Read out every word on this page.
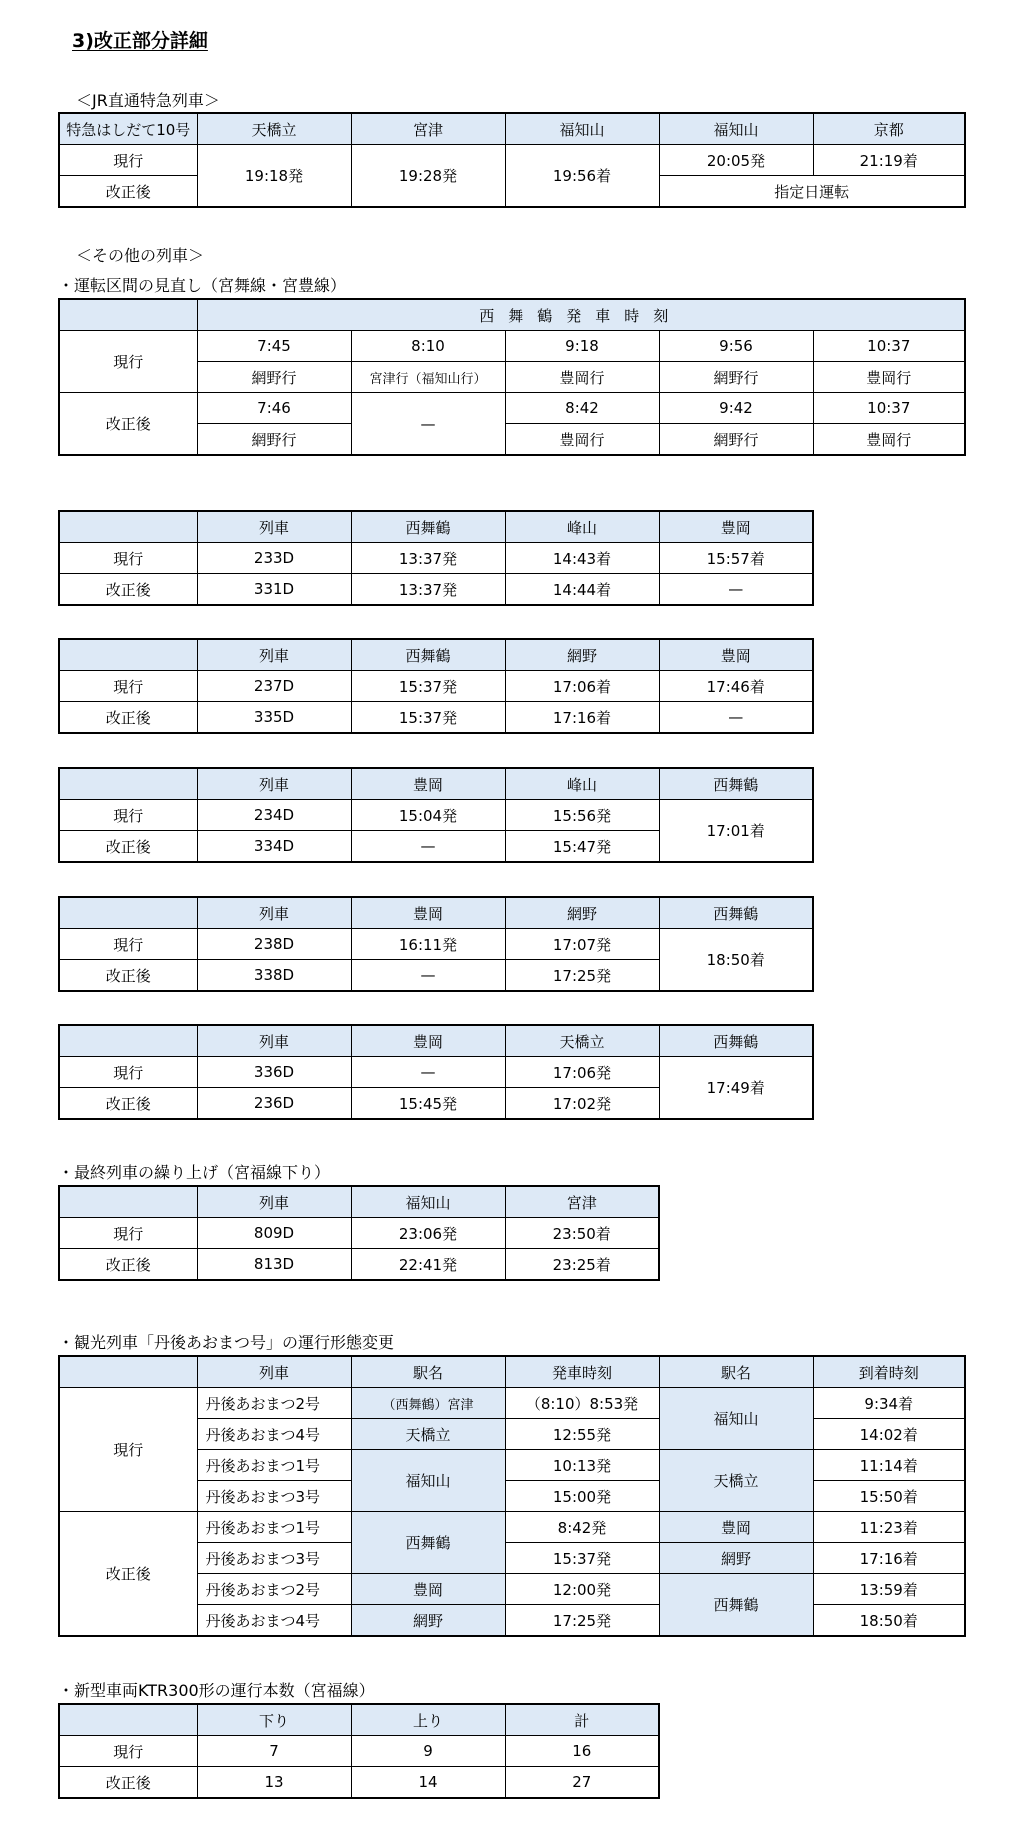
3)改正部分詳細
＜JR直通特急列車＞
特急はしだて10号	天橋立	宮津	福知山	福知山	京都
現行	19:18発	19:28発	19:56着	20:05発	21:19着
改正後				指定日運転	
＜その他の列車＞
・運転区間の見直し（宮舞線・宮豊線）
	西舞鶴発車時刻				
現行	7:45	8:10	9:18	9:56	10:37
	網野行	宮津行（福知山行）	豊岡行	網野行	豊岡行
改正後	7:46	—	8:42	9:42	10:37
	網野行		豊岡行	網野行	豊岡行
	列車	西舞鶴	峰山	豊岡
現行	233D	13:37発	14:43着	15:57着
改正後	331D	13:37発	14:44着	—
	列車	西舞鶴	網野	豊岡
現行	237D	15:37発	17:06着	17:46着
改正後	335D	15:37発	17:16着	—
	列車	豊岡	峰山	西舞鶴
現行	234D	15:04発	15:56発	17:01着
改正後	334D	—	15:47発	
	列車	豊岡	網野	西舞鶴
現行	238D	16:11発	17:07発	18:50着
改正後	338D	—	17:25発	
	列車	豊岡	天橋立	西舞鶴
現行	336D	—	17:06発	17:49着
改正後	236D	15:45発	17:02発	
・最終列車の繰り上げ（宮福線下り）
	列車	福知山	宮津
現行	809D	23:06発	23:50着
改正後	813D	22:41発	23:25着
・観光列車「丹後あおまつ号」の運行形態変更
	列車	駅名	発車時刻	駅名	到着時刻
現行	丹後あおまつ2号	（西舞鶴）宮津	（8:10）8:53発	福知山	9:34着
	丹後あおまつ4号	天橋立	12:55発		14:02着
	丹後あおまつ1号	福知山	10:13発	天橋立	11:14着
	丹後あおまつ3号		15:00発		15:50着
改正後	丹後あおまつ1号	西舞鶴	8:42発	豊岡	11:23着
	丹後あおまつ3号		15:37発	網野	17:16着
	丹後あおまつ2号	豊岡	12:00発	西舞鶴	13:59着
	丹後あおまつ4号	網野	17:25発		18:50着
・新型車両KTR300形の運行本数（宮福線）
	下り	上り	計
現行	7	9	16
改正後	13	14	27
